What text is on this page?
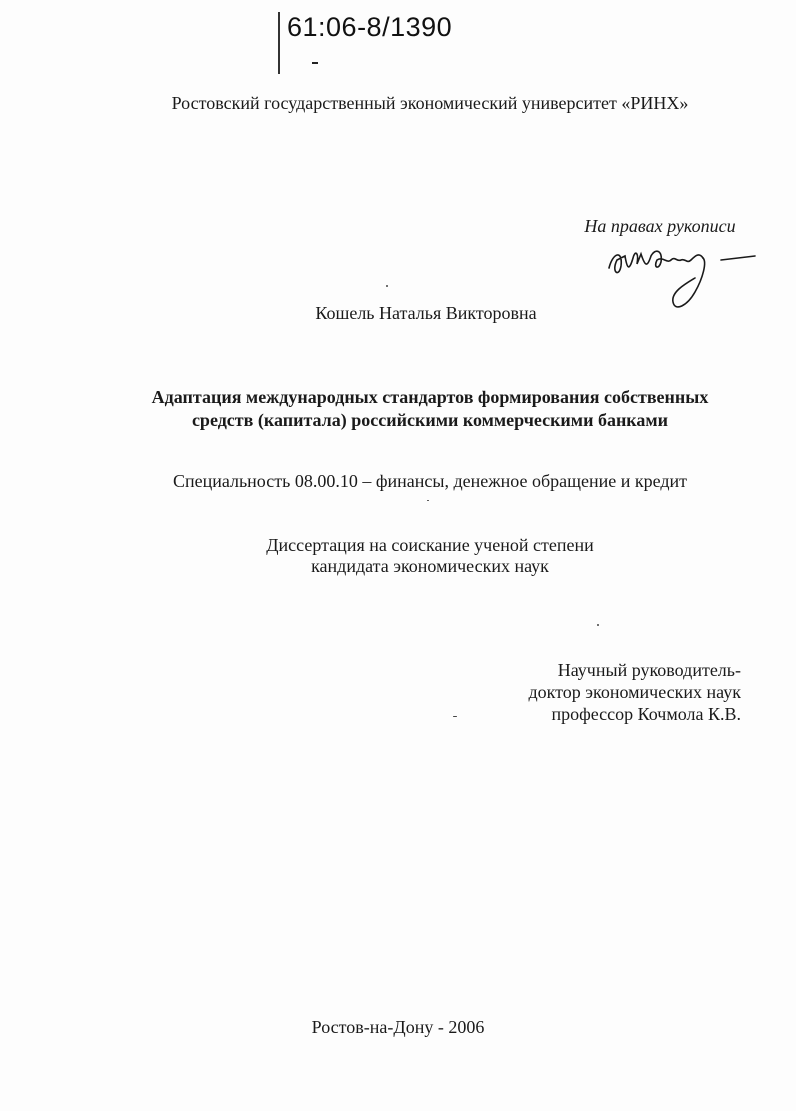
61:06-8/1390
Ростовский государственный экономический университет «РИНХ»
На правах рукописи
Кошель Наталья Викторовна
Адаптация международных стандартов формирования собственных
средств (капитала) российскими коммерческими банками
Специальность 08.00.10 – финансы, денежное обращение и кредит
Диссертация на соискание ученой степени
кандидата экономических наук
Научный руководитель-
доктор экономических наук
профессор Кочмола К.В.
Ростов-на-Дону - 2006
